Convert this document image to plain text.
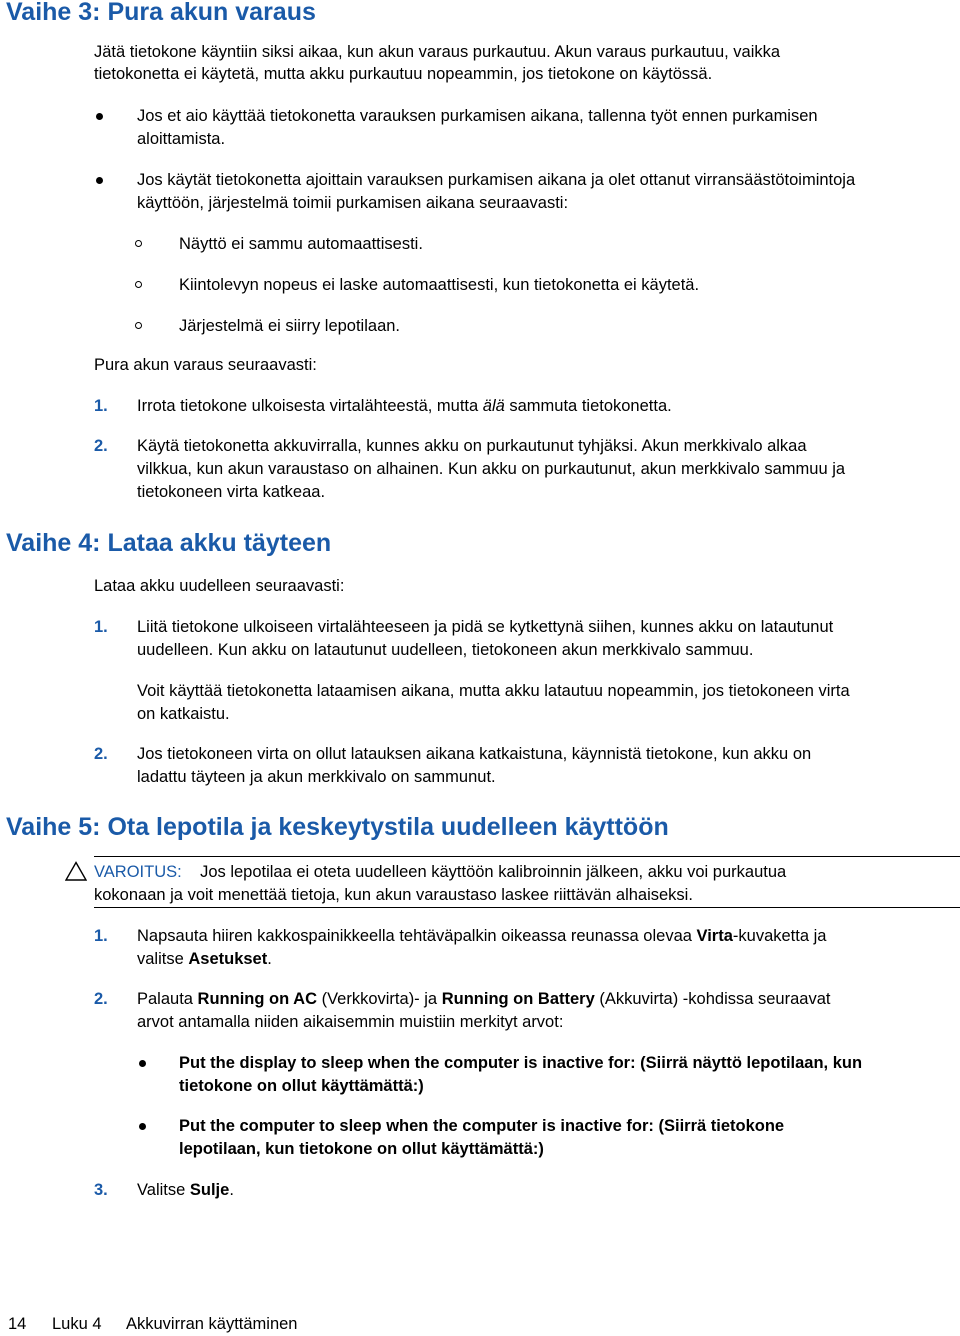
Vaihe 3: Pura akun varaus
Jätä tietokone käyntiin siksi aikaa, kun akun varaus purkautuu. Akun varaus purkautuu, vaikka
tietokonetta ei käytetä, mutta akku purkautuu nopeammin, jos tietokone on käytössä.
Jos et aio käyttää tietokonetta varauksen purkamisen aikana, tallenna työt ennen purkamisen
aloittamista.
Jos käytät tietokonetta ajoittain varauksen purkamisen aikana ja olet ottanut virransäästötoimintoja
käyttöön, järjestelmä toimii purkamisen aikana seuraavasti:
Näyttö ei sammu automaattisesti.
Kiintolevyn nopeus ei laske automaattisesti, kun tietokonetta ei käytetä.
Järjestelmä ei siirry lepotilaan.
Pura akun varaus seuraavasti:
1. Irrota tietokone ulkoisesta virtalähteestä, mutta älä sammuta tietokonetta.
2. Käytä tietokonetta akkuvirralla, kunnes akku on purkautunut tyhjäksi. Akun merkkivalo alkaa
vilkkua, kun akun varaustaso on alhainen. Kun akku on purkautunut, akun merkkivalo sammuu ja
tietokoneen virta katkeaa.
Vaihe 4: Lataa akku täyteen
Lataa akku uudelleen seuraavasti:
1. Liitä tietokone ulkoiseen virtalähteeseen ja pidä se kytkettynä siihen, kunnes akku on latautunut
uudelleen. Kun akku on latautunut uudelleen, tietokoneen akun merkkivalo sammuu.
Voit käyttää tietokonetta lataamisen aikana, mutta akku latautuu nopeammin, jos tietokoneen virta
on katkaistu.
2. Jos tietokoneen virta on ollut latauksen aikana katkaistuna, käynnistä tietokone, kun akku on
ladattu täyteen ja akun merkkivalo on sammunut.
Vaihe 5: Ota lepotila ja keskeytystila uudelleen käyttöön
VAROITUS: Jos lepotilaa ei oteta uudelleen käyttöön kalibroinnin jälkeen, akku voi purkautua
kokonaan ja voit menettää tietoja, kun akun varaustaso laskee riittävän alhaiseksi.
1. Napsauta hiiren kakkospainikkeella tehtäväpalkin oikeassa reunassa olevaa Virta-kuvaketta ja
valitse Asetukset.
2. Palauta Running on AC (Verkkovirta)- ja Running on Battery (Akkuvirta) -kohdissa seuraavat
arvot antamalla niiden aikaisemmin muistiin merkityt arvot:
Put the display to sleep when the computer is inactive for: (Siirrä näyttö lepotilaan, kun
tietokone on ollut käyttämättä:)
Put the computer to sleep when the computer is inactive for: (Siirrä tietokone
lepotilaan, kun tietokone on ollut käyttämättä:)
3. Valitse Sulje.
14 Luku 4 Akkuvirran käyttäminen
